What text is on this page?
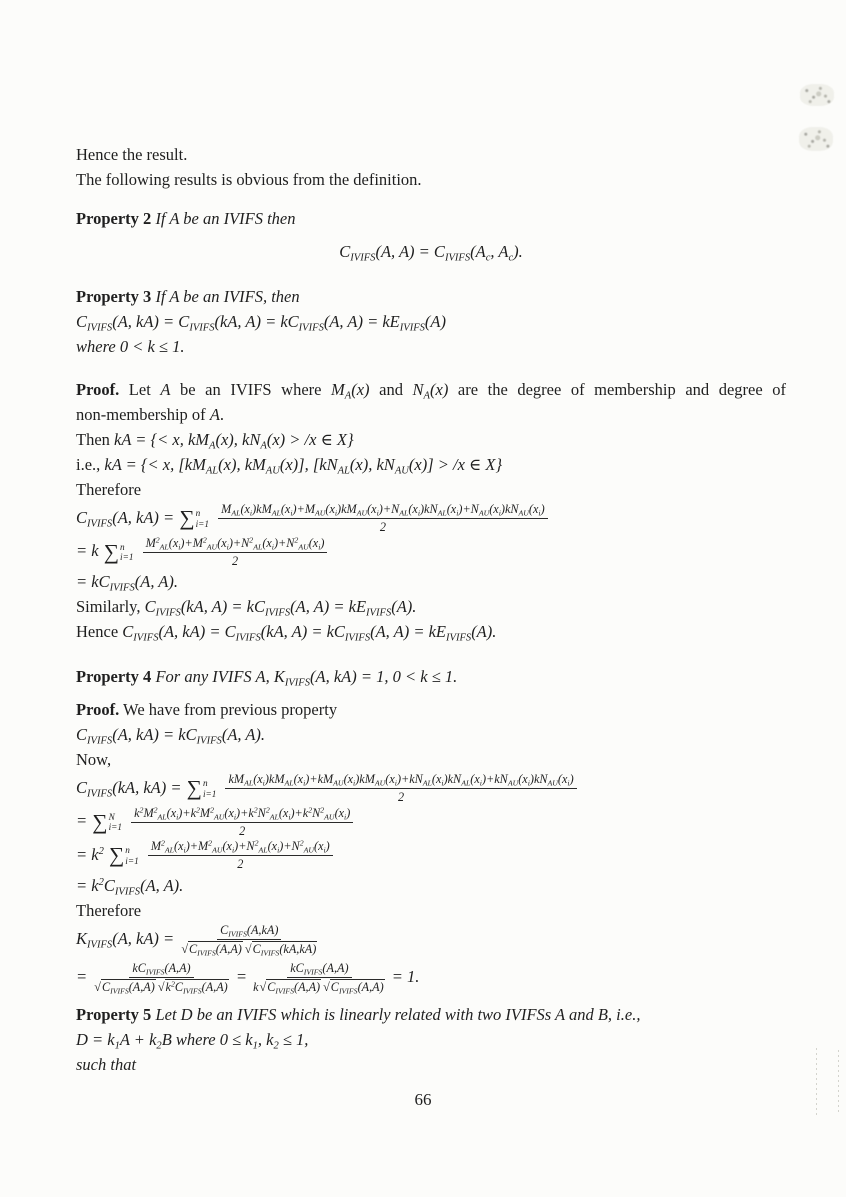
Hence the result.
The following results is obvious from the definition.
Property 2 If A be an IVIFS then
$C_{IVIFS}(A$, $A) = C_{IVIFS}(A_c$, $A_c$).
Property 3 If A be an IVIFS, then
$C_{IVIFS}(A$, $kA) = C_{IVIFS}(kA$, $A) = kC_{IVIFS}(A$, $A) = kE_{IVIFS}(A)$
where 0 < k ≤ 1.
Proof. Let A be an IVIFS where $M_A(x)$ and $N_A(x)$ are the degree of membership and degree of
non-membership of A.
Then kA = {< x, $kM_A(x)$, $kN_A(x) > /x$ ∈ X}
i.e., kA = {< x, [$kM_{AL}(x)$, $kM_{AU}(x)$], [$kN_{AL}(x)$, $kN_{AU}(x)] > /x$ ∈ X}
Therefore
$C_{IVIFS}(A$, kA) = ∑ n
i=1

$M_{AL}(x_i)kM_{AL}(x_i)+M_{AU}(x_i)kM_{AU}(x_i)+N_{AL}(x_i)kN_{AL}(x_i)+N_{AU}(x_i)kN_{AU}(x_i)$
2
= k ∑ n
i=1
$\frac{M^2_{AL}(x_i)+M^2_{AU}(x_i)+N^2_{AL}(x_i)+N^2_{AU}(x_i)}{2}$
= $kC_{IVIFS}(A$, A).
Similarly, $C_{IVIFS}(kA$, $A) = kC_{IVIFS}(A$, $A) = kE_{IVIFS}(A)$.
Hence $C_{IVIFS}(A$, $kA) = C_{IVIFS}(kA$, $A) = kC_{IVIFS}(A$, $A) = kE_{IVIFS}(A)$.
Property 4 For any IVIFS A, $K_{IVIFS}(A$, kA) = 1, 0 < k ≤ 1.
Proof. We have from previous property
$C_{IVIFS}(A$, $kA) = kC_{IVIFS}(A$, A).
Now,
$C_{IVIFS}(kA$, kA) = ∑ n
i=1

$kM_{AL}(x_i)kM_{AL}(x_i)+kM_{AU}(x_i)kM_{AU}(x_i)+kN_{AL}(x_i)kN_{AL}(x_i)+kN_{AU}(x_i)kN_{AU}(x_i)$
2
= ∑ N
i=1
$\frac{k^2M^2_{AL}(x_i)+k^2M^2_{AU}(x_i)+k^2N^2_{AL}(x_i)+k^2N^2_{AU}(x_i)}{2}$
= $k^2$ ∑ n
i=1
$\frac{M^2_{AL}(x_i)+M^2_{AU}(x_i)+N^2_{AL}(x_i)+N^2_{AU}(x_i)}{2}$
= $k^2C_{IVIFS}(A$, A).
Therefore
$K_{IVIFS}(A$, $kA) = \frac{C_{IVIFS}(A,kA)}{√ C_{IVIFS}(A,A) √ C_{IVIFS}(kA,kA)}$
= $\frac{kC_{IVIFS}(A,A)}{√ C_{IVIFS}(A,A) √ k^2C_{IVIFS}(A,A)} = \frac{kC_{IVIFS}(A,A)}{k √ C_{IVIFS}(A,A) √ C_{IVIFS}(A,A)} = 1$.
Property 5 Let D be an IVIFS which is linearly related with two IVIFSs A and B, i.e.,
$D = k_1A + k_2B$ where $0 \le k_1$, $k_2 \le 1$,
such that
66
